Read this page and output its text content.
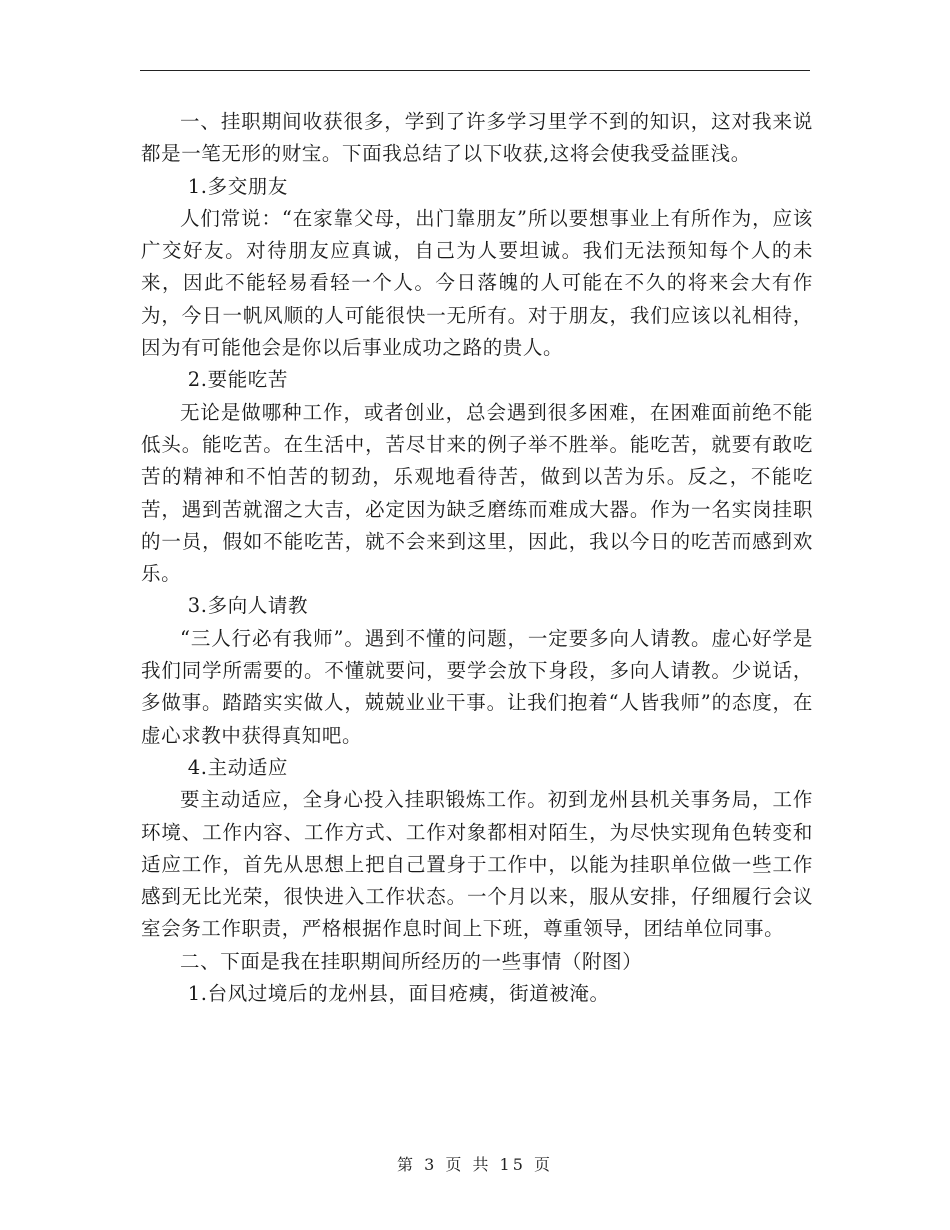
一、挂职期间收获很多，学到了许多学习里学不到的知识，这对我来说都是一笔无形的财宝。下面我总结了以下收获,这将会使我受益匪浅。

1.多交朋友

人们常说：“在家靠父母，出门靠朋友”所以要想事业上有所作为，应该广交好友。对待朋友应真诚，自己为人要坦诚。我们无法预知每个人的未来，因此不能轻易看轻一个人。今日落魄的人可能在不久的将来会大有作为，今日一帆风顺的人可能很快一无所有。对于朋友，我们应该以礼相待，因为有可能他会是你以后事业成功之路的贵人。

2.要能吃苦

无论是做哪种工作，或者创业，总会遇到很多困难，在困难面前绝不能低头。能吃苦。在生活中，苦尽甘来的例子举不胜举。能吃苦，就要有敢吃苦的精神和不怕苦的韧劲，乐观地看待苦，做到以苦为乐。反之，不能吃苦，遇到苦就溜之大吉，必定因为缺乏磨练而难成大器。作为一名实岗挂职的一员，假如不能吃苦，就不会来到这里，因此，我以今日的吃苦而感到欢乐。

3.多向人请教

“三人行必有我师”。遇到不懂的问题，一定要多向人请教。虚心好学是我们同学所需要的。不懂就要问，要学会放下身段，多向人请教。少说话，多做事。踏踏实实做人，兢兢业业干事。让我们抱着“人皆我师”的态度，在虚心求教中获得真知吧。

4.主动适应

要主动适应，全身心投入挂职锻炼工作。初到龙州县机关事务局，工作环境、工作内容、工作方式、工作对象都相对陌生，为尽快实现角色转变和适应工作，首先从思想上把自己置身于工作中，以能为挂职单位做一些工作感到无比光荣，很快进入工作状态。一个月以来，服从安排，仔细履行会议室会务工作职责，严格根据作息时间上下班，尊重领导，团结单位同事。

二、下面是我在挂职期间所经历的一些事情（附图）

1.台风过境后的龙州县，面目疮痍，街道被淹。

第 3 页 共 15 页
